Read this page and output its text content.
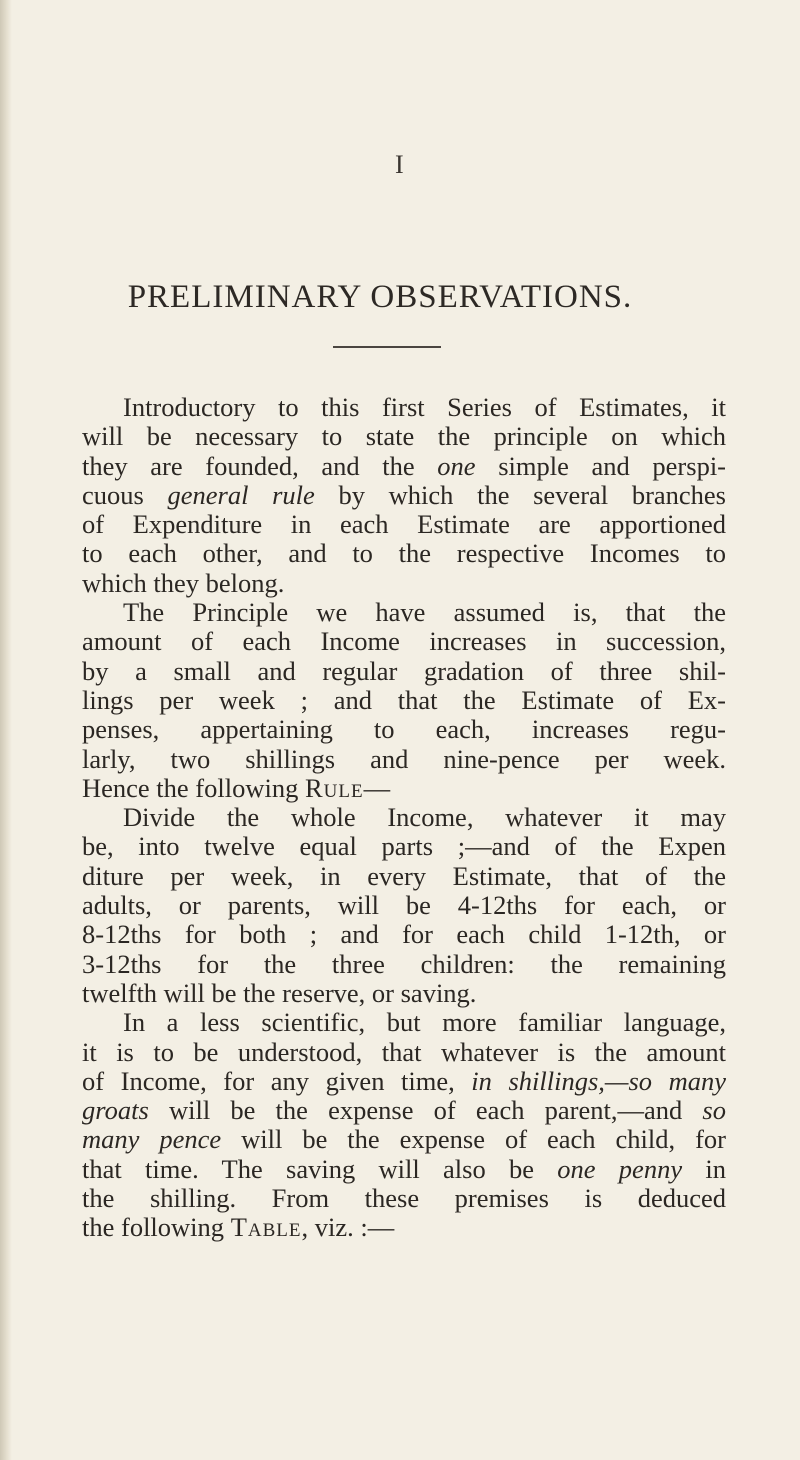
I
PRELIMINARY OBSERVATIONS.
Introductory to this first Series of Estimates, it
will be necessary to state the principle on which
they are founded, and the one simple and perspi-
cuous general rule by which the several branches
of Expenditure in each Estimate are apportioned
to each other, and to the respective Incomes to
which they belong.
The Principle we have assumed is, that the
amount of each Income increases in succession,
by a small and regular gradation of three shil-
lings per week ; and that the Estimate of Ex-
penses, appertaining to each, increases regu-
larly, two shillings and nine-pence per week.
Hence the following Rule—
Divide the whole Income, whatever it may
be, into twelve equal parts ;—and of the Expen
diture per week, in every Estimate, that of the
adults, or parents, will be 4-12ths for each, or
8-12ths for both ; and for each child 1-12th, or
3-12ths for the three children: the remaining
twelfth will be the reserve, or saving.
In a less scientific, but more familiar language,
it is to be understood, that whatever is the amount
of Income, for any given time, in shillings,—so many
groats will be the expense of each parent,—and so
many pence will be the expense of each child, for
that time. The saving will also be one penny in
the shilling. From these premises is deduced
the following Table, viz. :—
